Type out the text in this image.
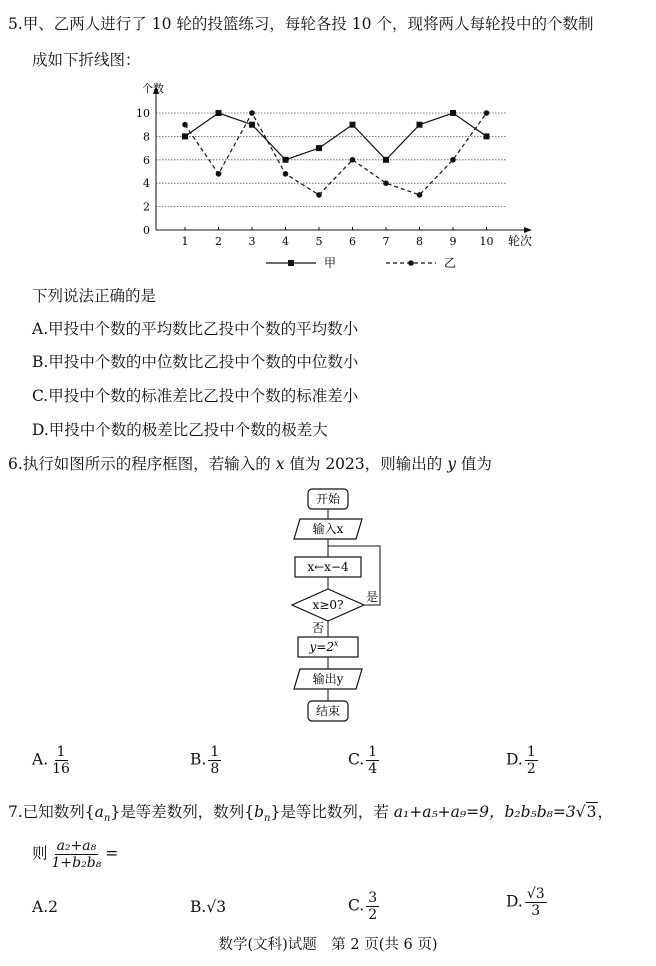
5.甲、乙两人进行了 10 轮的投篮练习，每轮各投 10 个，现将两人每轮投中的个数制
成如下折线图：
0
2
4
6
8
10
1 2 3 4 5 6 7 8 9 10
个数
轮次
甲	乙
下列说法正确的是
A.甲投中个数的平均数比乙投中个数的平均数小
B.甲投中个数的中位数比乙投中个数的中位数小
C.甲投中个数的标准差比乙投中个数的标准差小
D.甲投中个数的极差比乙投中个数的极差大
6.执行如图所示的程序框图，若输入的 x 值为 2023，则输出的 y 值为
开始
输入x
x←x−4
x≥0?
是
否
$y=2^x$
输出y
结束
A. $\frac{1}{16}$	B. $\frac{1}{8}$	C. $\frac{1}{4}$	D. $\frac{1}{2}$
7.已知数列$\{a_n\}$是等差数列，数列$\{b_n\}$是等比数列，若 a₁+a₅+a₉=9，b₂b₅b₈=3√3，
则 $\frac{\text{a₂+a₈}}{\text{1+b₂b₈}}$ =
A.2	B.√3	C. $\frac{3}{2}$	D. $\frac{√3}{3}$
数学(文科)试题　第 2 页(共 6 页)
